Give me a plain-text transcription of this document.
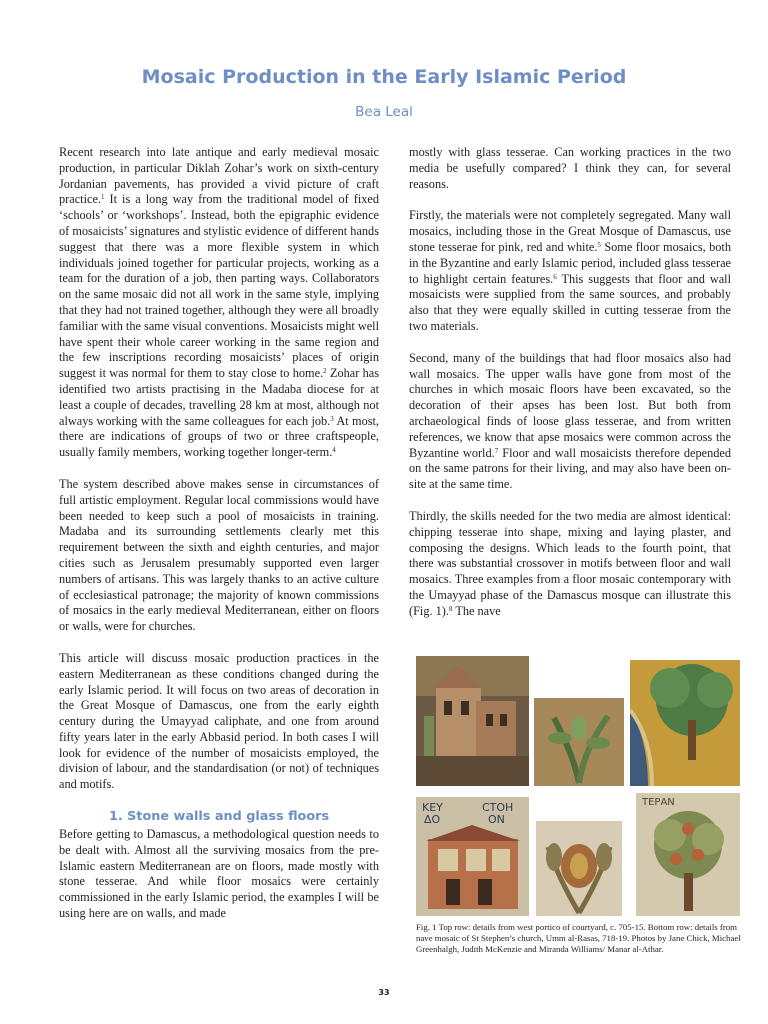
Mosaic Production in the Early Islamic Period
Bea Leal

Recent research into late antique and early medieval mosaic production, in particular Diklah Zohar’s work on sixth-century Jordanian pavements, has provided a vivid picture of craft practice.$^1$ It is a long way from the traditional model of fixed ‘schools’ or ‘workshops’. Instead, both the epigraphic evidence of mosaicists’ signatures and stylistic evidence of different hands suggest that there was a more flexible system in which individuals joined together for particular projects, working as a team for the duration of a job, then parting ways. Collaborators on the same mosaic did not all work in the same style, implying that they had not trained together, although they were all broadly familiar with the same visual conventions. Mosaicists might well have spent their whole career working in the same region and the few inscriptions recording mosaicists’ places of origin suggest it was normal for them to stay close to home.$^2$ Zohar has identified two artists practising in the Madaba diocese for at least a couple of decades, travelling 28 km at most, although not always working with the same colleagues for each job.$^3$ At most, there are indications of groups of two or three craftspeople, usually family members, working together longer-term.$^4$

The system described above makes sense in circumstances of full artistic employment. Regular local commissions would have been needed to keep such a pool of mosaicists in training. Madaba and its surrounding settlements clearly met this requirement between the sixth and eighth centuries, and major cities such as Jerusalem presumably supported even larger numbers of artisans. This was largely thanks to an active culture of ecclesiastical patronage; the majority of known commissions of mosaics in the early medieval Mediterranean, either on floors or walls, were for churches.

This article will discuss mosaic production practices in the eastern Mediterranean as these conditions changed during the early Islamic period. It will focus on two areas of decoration in the Great Mosque of Damascus, one from the early eighth century during the Umayyad caliphate, and one from around fifty years later in the early Abbasid period. In both cases I will look for evidence of the number of mosaicists employed, the division of labour, and the standardisation (or not) of techniques and motifs.

1. Stone walls and glass floors

Before getting to Damascus, a methodological question needs to be dealt with. Almost all the surviving mosaics from the pre-Islamic eastern Mediterranean are on floors, made mostly with stone tesserae. And while floor mosaics were certainly commissioned in the early Islamic period, the examples I will be using here are on walls, and made

mostly with glass tesserae. Can working practices in the two media be usefully compared? I think they can, for several reasons.

Firstly, the materials were not completely segregated. Many wall mosaics, including those in the Great Mosque of Damascus, use stone tesserae for pink, red and white.$^5$ Some floor mosaics, both in the Byzantine and early Islamic period, included glass tesserae to highlight certain features.$^6$ This suggests that floor and wall mosaicists were supplied from the same sources, and probably also that they were equally skilled in cutting tesserae from the two materials.

Second, many of the buildings that had floor mosaics also had wall mosaics. The upper walls have gone from most of the churches in which mosaic floors have been excavated, so the decoration of their apses has been lost. But both from archaeological finds of loose glass tesserae, and from written references, we know that apse mosaics were common across the Byzantine world.$^7$ Floor and wall mosaicists therefore depended on the same patrons for their living, and may also have been on-site at the same time.

Thirdly, the skills needed for the two media are almost identical: chipping tesserae into shape, mixing and laying plaster, and composing the designs. Which leads to the fourth point, that there was substantial crossover in motifs between floor and wall mosaics. Three examples from a floor mosaic contemporary with the Umayyad phase of the Damascus mosque can illustrate this (Fig. 1).$^8$ The nave

ΚΕΥ
ΔΟ
СТОН
ON
ΤΕΡΑΝ
Fig. 1 Top row: details from west portico of courtyard, c. 705-15. Bottom row: details from nave mosaic of St Stephen’s church, Umm al-Rasas, 718-19. Photos by Jane Chick, Michael Greenhalgh, Judith McKenzie and Miranda Williams/ Manar al-Athar.
33
